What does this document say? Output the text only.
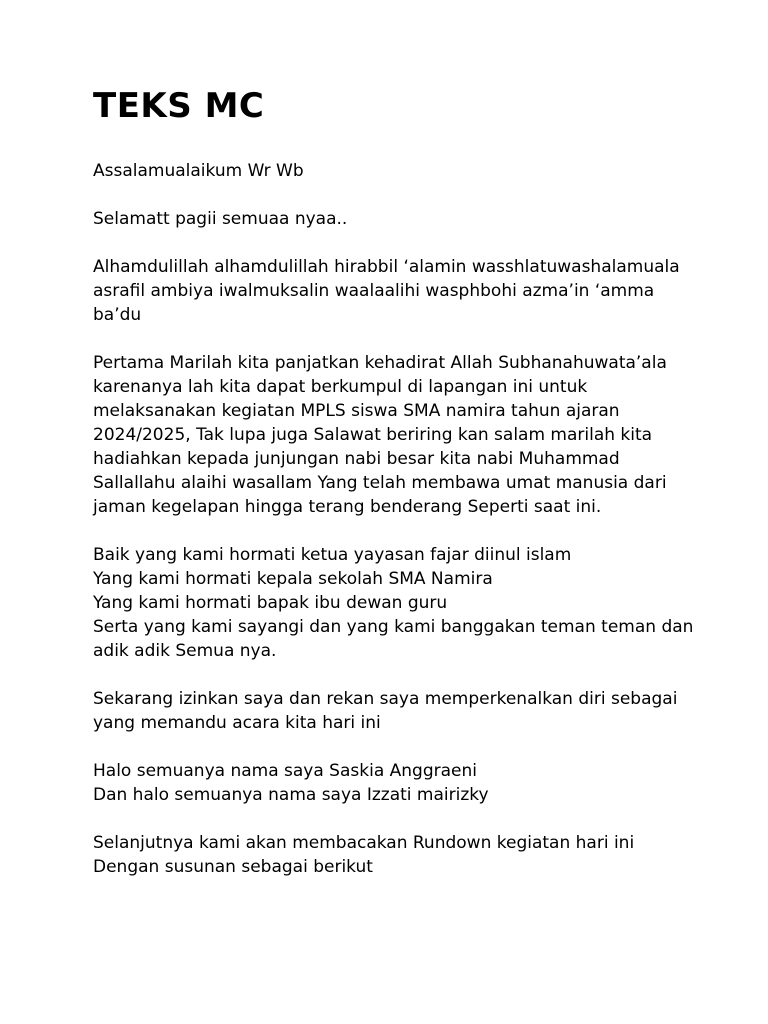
TEKS MC

Assalamualaikum Wr Wb

Selamatt pagii semuaa nyaa..

Alhamdulillah alhamdulillah hirabbil ‘alamin wasshlatuwashalamuala
asrafil ambiya iwalmuksalin waalaalihi wasphbohi azma’in ‘amma
ba’du

Pertama Marilah kita panjatkan kehadirat Allah Subhanahuwata’ala
karenanya lah kita dapat berkumpul di lapangan ini untuk
melaksanakan kegiatan MPLS siswa SMA namira tahun ajaran
2024/2025, Tak lupa juga Salawat beriring kan salam marilah kita
hadiahkan kepada junjungan nabi besar kita nabi Muhammad
Sallallahu alaihi wasallam Yang telah membawa umat manusia dari
jaman kegelapan hingga terang benderang Seperti saat ini.

Baik yang kami hormati ketua yayasan fajar diinul islam
Yang kami hormati kepala sekolah SMA Namira
Yang kami hormati bapak ibu dewan guru
Serta yang kami sayangi dan yang kami banggakan teman teman dan
adik adik Semua nya.

Sekarang izinkan saya dan rekan saya memperkenalkan diri sebagai
yang memandu acara kita hari ini

Halo semuanya nama saya Saskia Anggraeni
Dan halo semuanya nama saya Izzati mairizky

Selanjutnya kami akan membacakan Rundown kegiatan hari ini
Dengan susunan sebagai berikut
